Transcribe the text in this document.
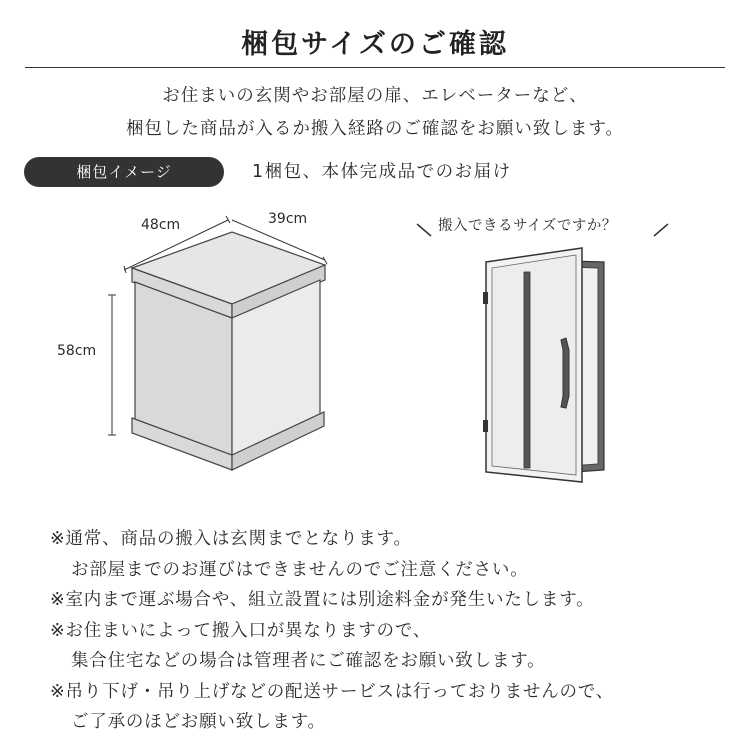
梱包サイズのご確認
お住まいの玄関やお部屋の扉、エレベーターなど、
梱包した商品が入るか搬入経路のご確認をお願い致します。
梱包イメージ	1梱包、本体完成品でのお届け
48cm	39cm
58cm
搬入できるサイズですか？
※通常、商品の搬入は玄関までとなります。
お部屋までのお運びはできませんのでご注意ください。
※室内まで運ぶ場合や、組立設置には別途料金が発生いたします。
※お住まいによって搬入口が異なりますので、
集合住宅などの場合は管理者にご確認をお願い致します。
※吊り下げ・吊り上げなどの配送サービスは行っておりませんので、
ご了承のほどお願い致します。
